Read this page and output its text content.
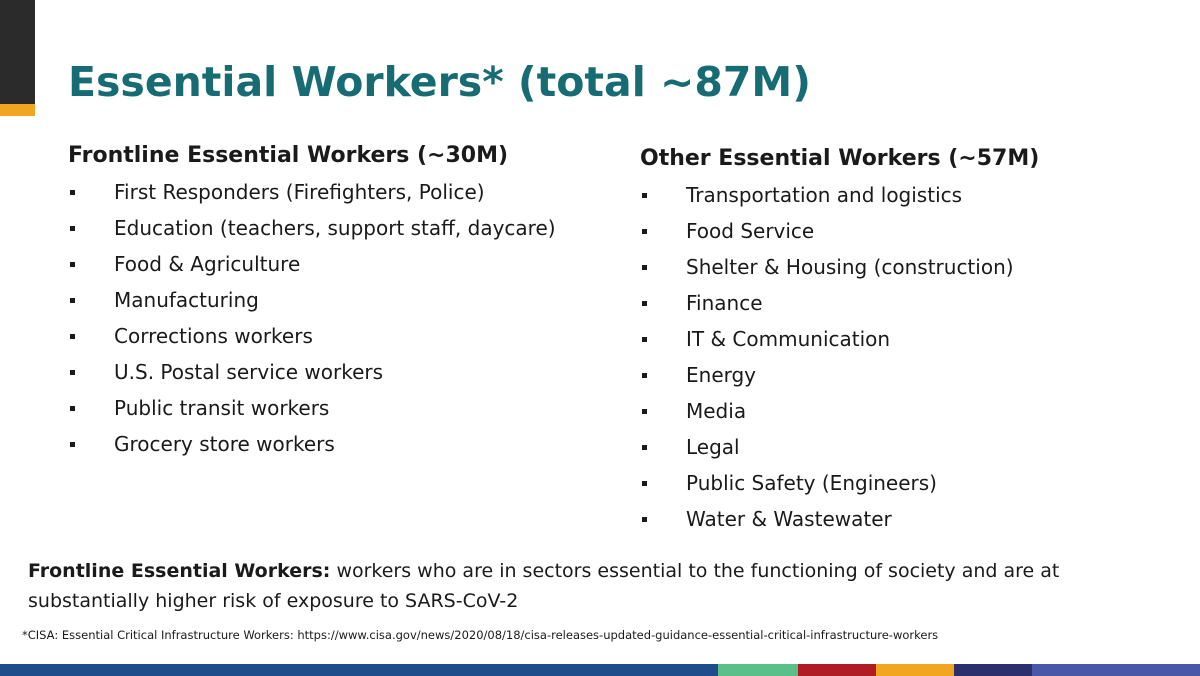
Essential Workers* (total ~87M)
Frontline Essential Workers (~30M)
First Responders (Firefighters, Police)
Education (teachers, support staff, daycare)
Food & Agriculture
Manufacturing
Corrections workers
U.S. Postal service workers
Public transit workers
Grocery store workers
Other Essential Workers (~57M)
Transportation and logistics
Food Service
Shelter & Housing (construction)
Finance
IT & Communication
Energy
Media
Legal
Public Safety (Engineers)
Water & Wastewater

Frontline Essential Workers: workers who are in sectors essential to the functioning of society and are at substantially higher risk of exposure to SARS-CoV-2

*CISA: Essential Critical Infrastructure Workers: https://www.cisa.gov/news/2020/08/18/cisa-releases-updated-guidance-essential-critical-infrastructure-workers
